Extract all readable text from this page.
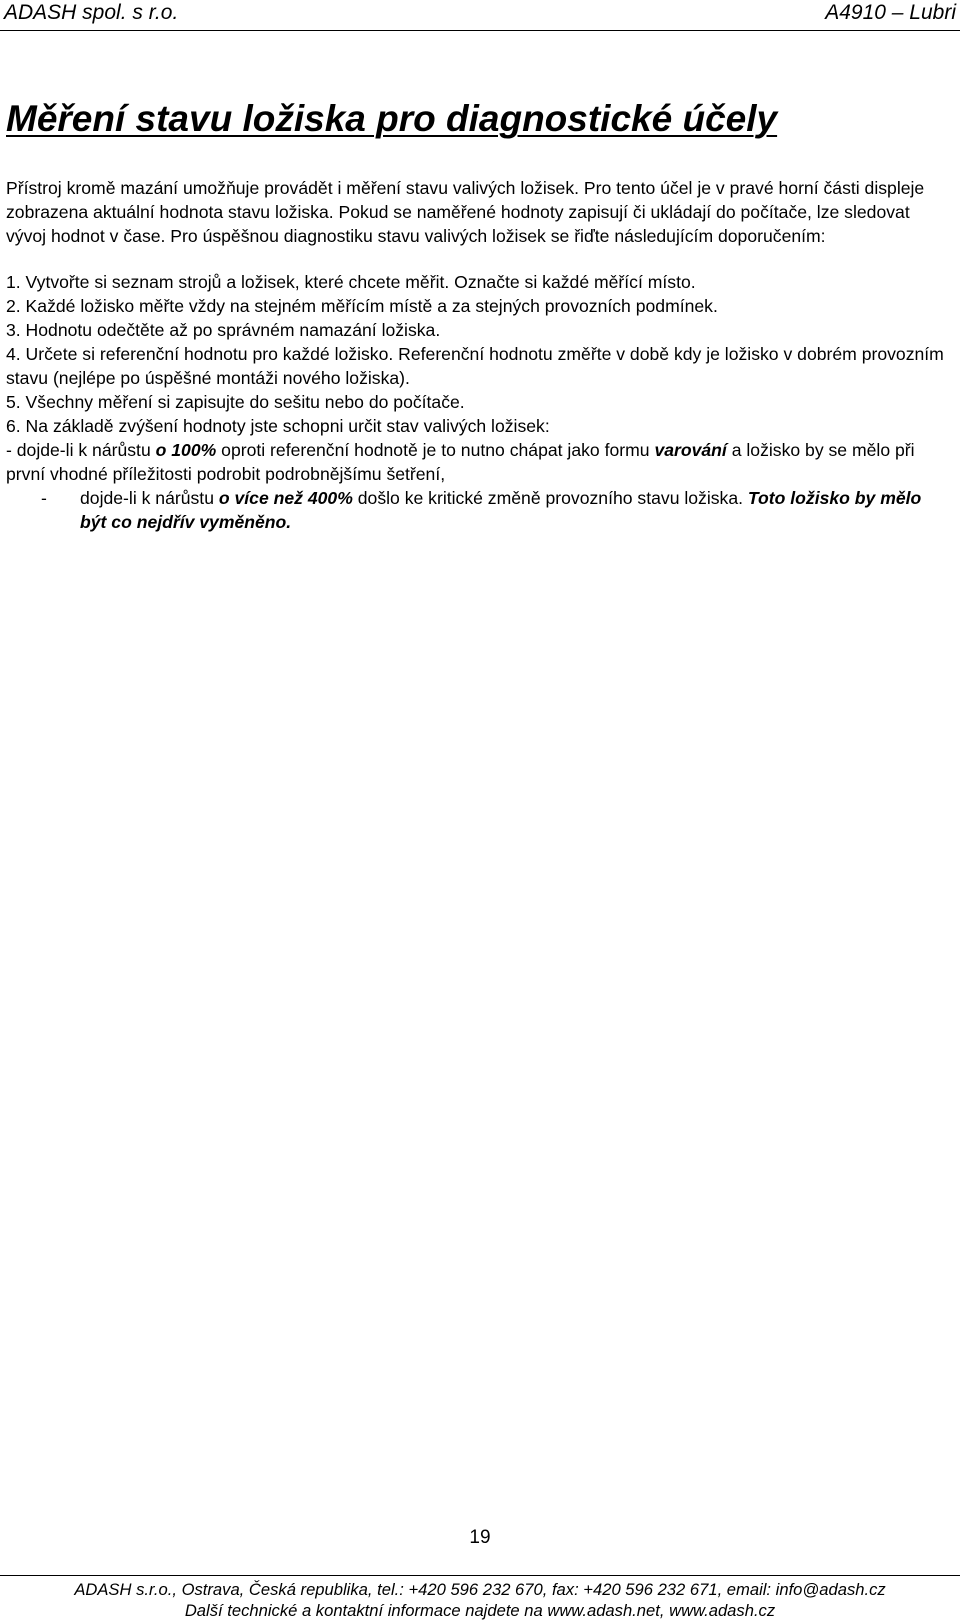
ADASH spol. s r.o.	A4910 – Lubri
Měření stavu ložiska pro diagnostické účely

Přístroj kromě mazání umožňuje provádět i měření stavu valivých ložisek. Pro tento účel je v pravé horní části displeje zobrazena aktuální hodnota stavu ložiska. Pokud se naměřené hodnoty zapisují či ukládají do počítače, lze sledovat vývoj hodnot v čase. Pro úspěšnou diagnostiku stavu valivých ložisek se řiďte následujícím doporučením:

1. Vytvořte si seznam strojů a ložisek, které chcete měřit. Označte si každé měřící místo.

2. Každé ložisko měřte vždy na stejném měřícím místě a za stejných provozních podmínek.

3. Hodnotu odečtěte až po správném namazání ložiska.

4. Určete si referenční hodnotu pro každé ložisko. Referenční hodnotu změřte v době kdy je ložisko v dobrém provozním stavu (nejlépe po úspěšné montáži nového ložiska).

5. Všechny měření si zapisujte do sešitu nebo do počítače.

6. Na základě zvýšení hodnoty jste schopni určit stav valivých ložisek:

- dojde-li k nárůstu o 100% oproti referenční hodnotě je to nutno chápat jako formu varování a ložisko by se mělo při první vhodné příležitosti podrobit podrobnějšímu šetření,

- dojde-li k nárůstu o více než 400% došlo ke kritické změně provozního stavu ložiska. Toto ložisko by mělo být co nejdřív vyměněno.

19
ADASH s.r.o., Ostrava, Česká republika, tel.: +420 596 232 670, fax: +420 596 232 671, email: info@adash.cz
Další technické a kontaktní informace najdete na www.adash.net, www.adash.cz
